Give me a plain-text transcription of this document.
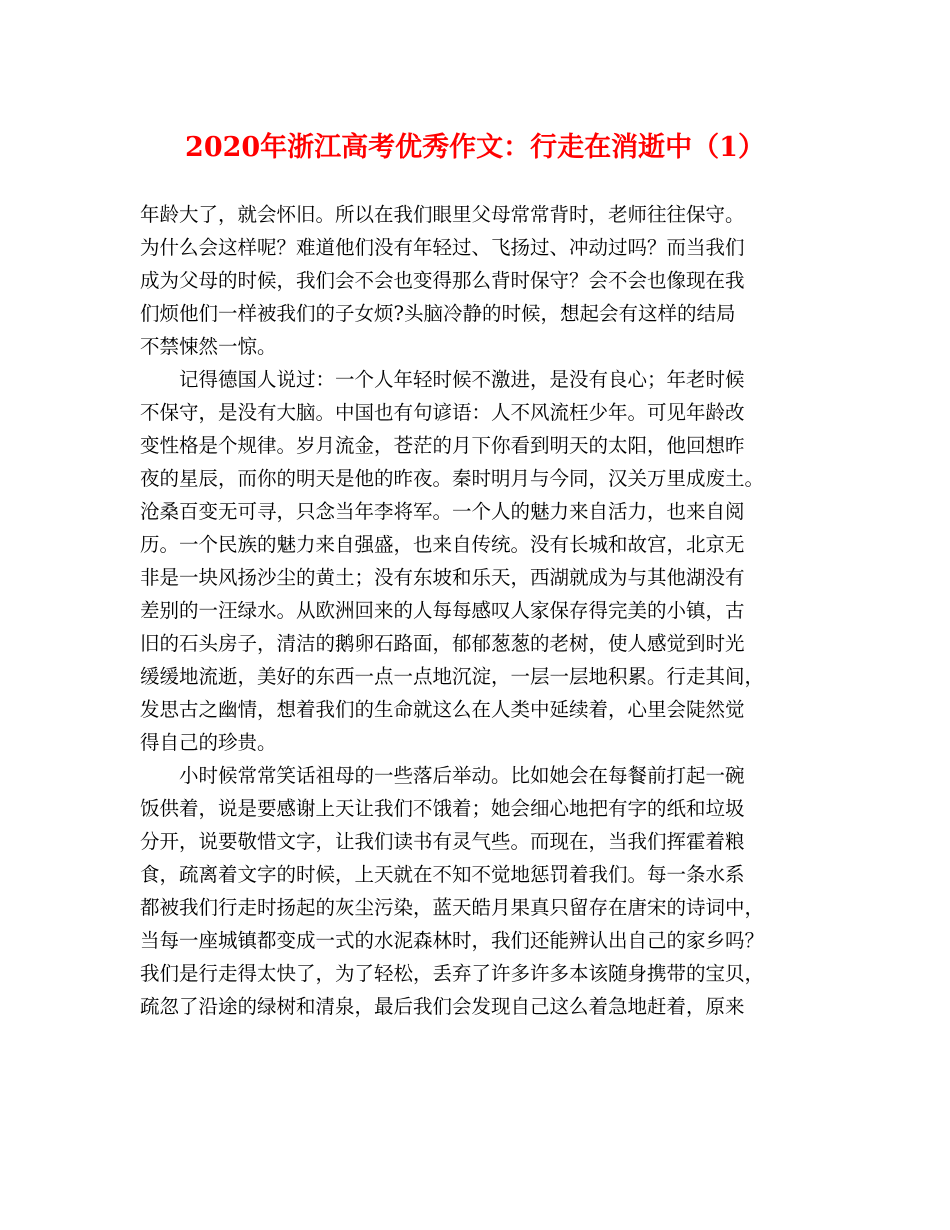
2020年浙江高考优秀作文：行走在消逝中（1）
年龄大了，就会怀旧。所以在我们眼里父母常常背时，老师往往保守。
为什么会这样呢？难道他们没有年轻过、飞扬过、冲动过吗？而当我们
成为父母的时候，我们会不会也变得那么背时保守？会不会也像现在我
们烦他们一样被我们的子女烦?头脑冷静的时候，想起会有这样的结局
不禁悚然一惊。
记得德国人说过：一个人年轻时候不激进，是没有良心；年老时候
不保守，是没有大脑。中国也有句谚语：人不风流枉少年。可见年龄改
变性格是个规律。岁月流金，苍茫的月下你看到明天的太阳，他回想昨
夜的星辰，而你的明天是他的昨夜。秦时明月与今同，汉关万里成废土。
沧桑百变无可寻，只念当年李将军。一个人的魅力来自活力，也来自阅
历。一个民族的魅力来自强盛，也来自传统。没有长城和故宫，北京无
非是一块风扬沙尘的黄土；没有东坡和乐天，西湖就成为与其他湖没有
差别的一汪绿水。从欧洲回来的人每每感叹人家保存得完美的小镇，古
旧的石头房子，清洁的鹅卵石路面，郁郁葱葱的老树，使人感觉到时光
缓缓地流逝，美好的东西一点一点地沉淀，一层一层地积累。行走其间，
发思古之幽情，想着我们的生命就这么在人类中延续着，心里会陡然觉
得自己的珍贵。
小时候常常笑话祖母的一些落后举动。比如她会在每餐前打起一碗
饭供着，说是要感谢上天让我们不饿着；她会细心地把有字的纸和垃圾
分开，说要敬惜文字，让我们读书有灵气些。而现在，当我们挥霍着粮
食，疏离着文字的时候，上天就在不知不觉地惩罚着我们。每一条水系
都被我们行走时扬起的灰尘污染，蓝天皓月果真只留存在唐宋的诗词中，
当每一座城镇都变成一式的水泥森林时，我们还能辨认出自己的家乡吗？
我们是行走得太快了，为了轻松，丢弃了许多许多本该随身携带的宝贝，
疏忽了沿途的绿树和清泉，最后我们会发现自己这么着急地赶着，原来
